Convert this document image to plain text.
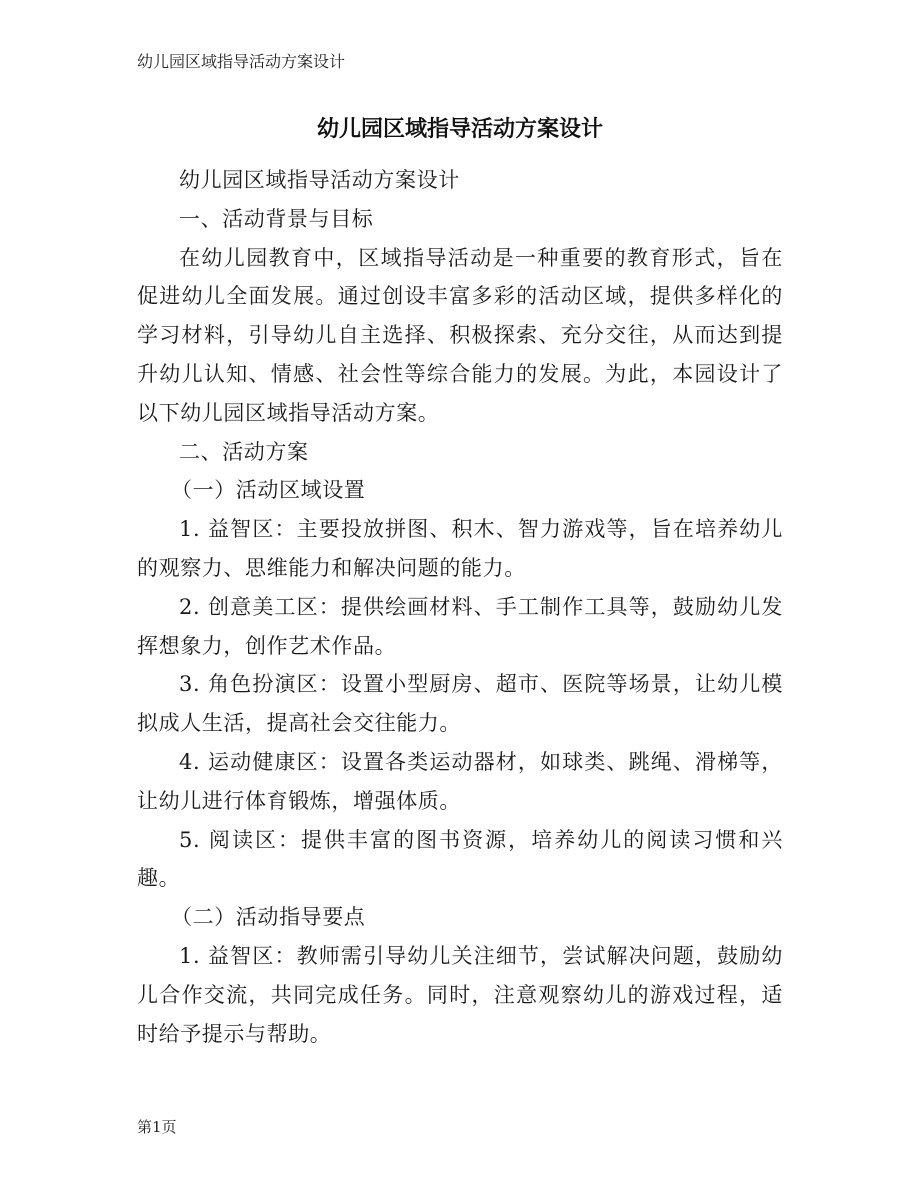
幼儿园区域指导活动方案设计
幼儿园区域指导活动方案设计

幼儿园区域指导活动方案设计

一、活动背景与目标

在幼儿园教育中，区域指导活动是一种重要的教育形式，旨在促进幼儿全面发展。通过创设丰富多彩的活动区域，提供多样化的学习材料，引导幼儿自主选择、积极探索、充分交往，从而达到提升幼儿认知、情感、社会性等综合能力的发展。为此，本园设计了以下幼儿园区域指导活动方案。

二、活动方案

（一）活动区域设置

1. 益智区：主要投放拼图、积木、智力游戏等，旨在培养幼儿的观察力、思维能力和解决问题的能力。

2. 创意美工区：提供绘画材料、手工制作工具等，鼓励幼儿发挥想象力，创作艺术作品。

3. 角色扮演区：设置小型厨房、超市、医院等场景，让幼儿模拟成人生活，提高社会交往能力。

4. 运动健康区：设置各类运动器材，如球类、跳绳、滑梯等，让幼儿进行体育锻炼，增强体质。

5. 阅读区：提供丰富的图书资源，培养幼儿的阅读习惯和兴趣。

（二）活动指导要点

1. 益智区：教师需引导幼儿关注细节，尝试解决问题，鼓励幼儿合作交流，共同完成任务。同时，注意观察幼儿的游戏过程，适时给予提示与帮助。

第1页
